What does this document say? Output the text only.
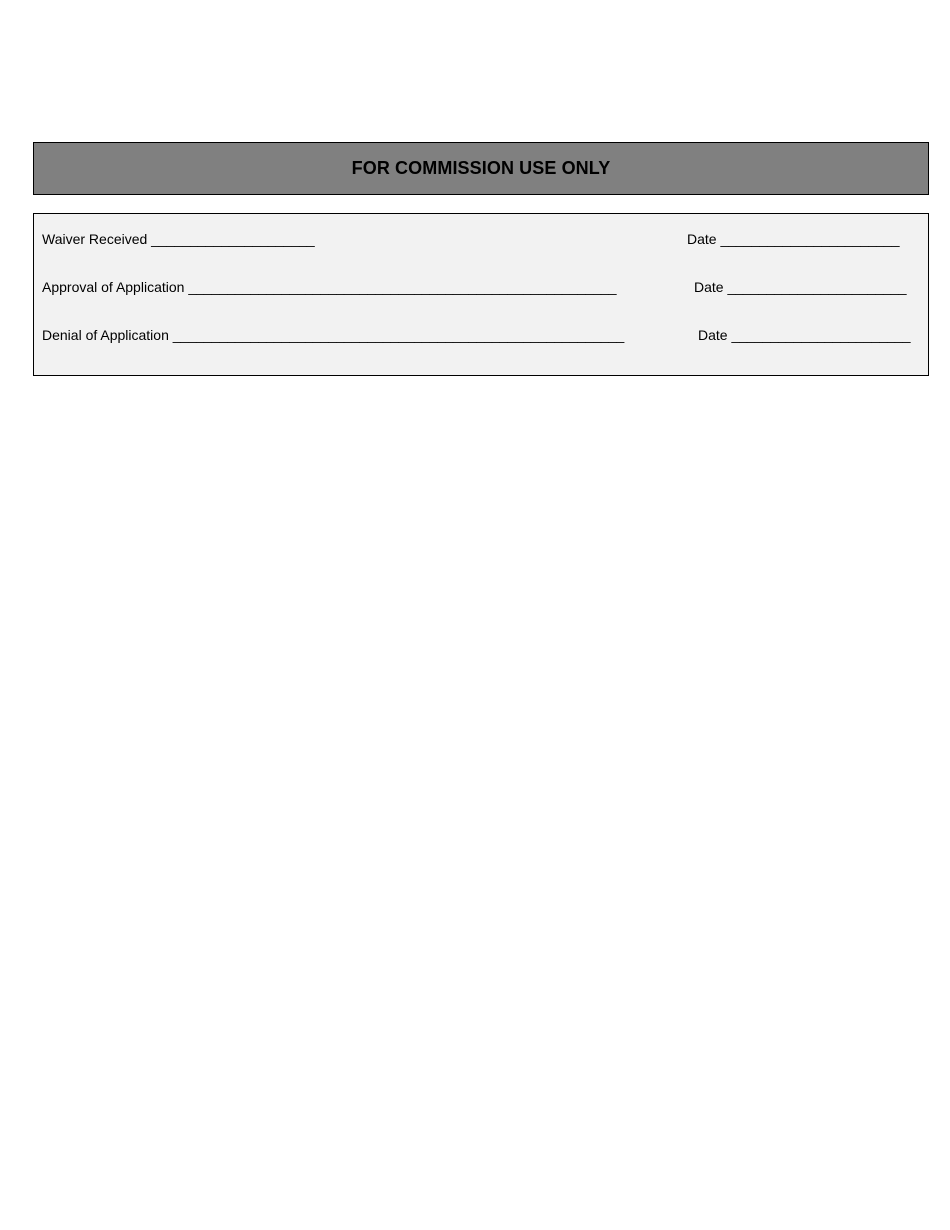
FOR COMMISSION USE ONLY
Waiver Received _____________________	Date _______________________
Approval of Application _______________________________________________________	Date _______________________
Denial of Application __________________________________________________________	Date _______________________
